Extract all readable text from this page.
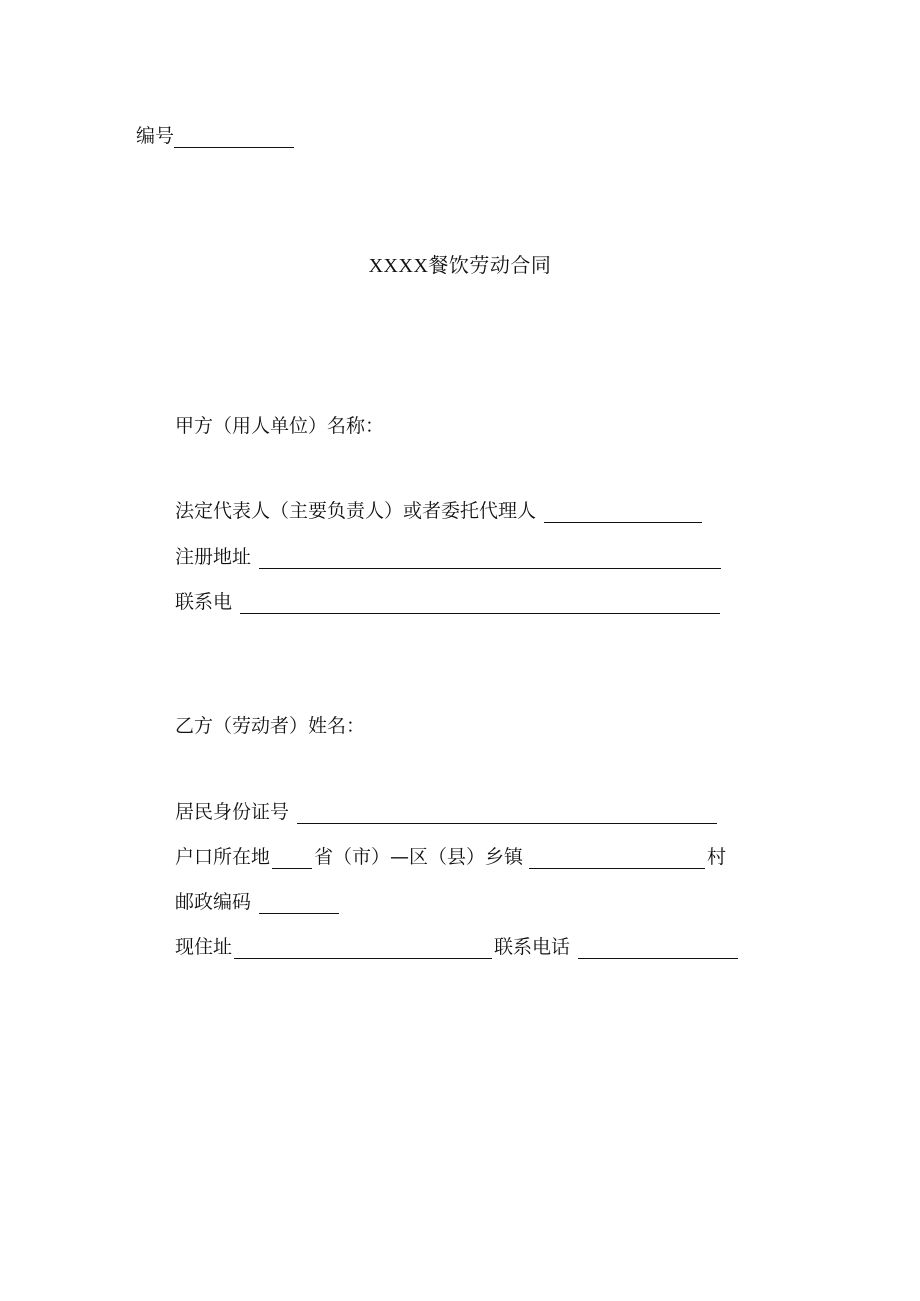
编号
XXXX餐饮劳动合同
甲方（用人单位）名称：
法定代表人（主要负责人）或者委托代理人
注册地址
联系电
乙方（劳动者）姓名：
居民身份证号
户口所在地 省（市） —区（县）乡镇	村
邮政编码
现住址	联系电话
